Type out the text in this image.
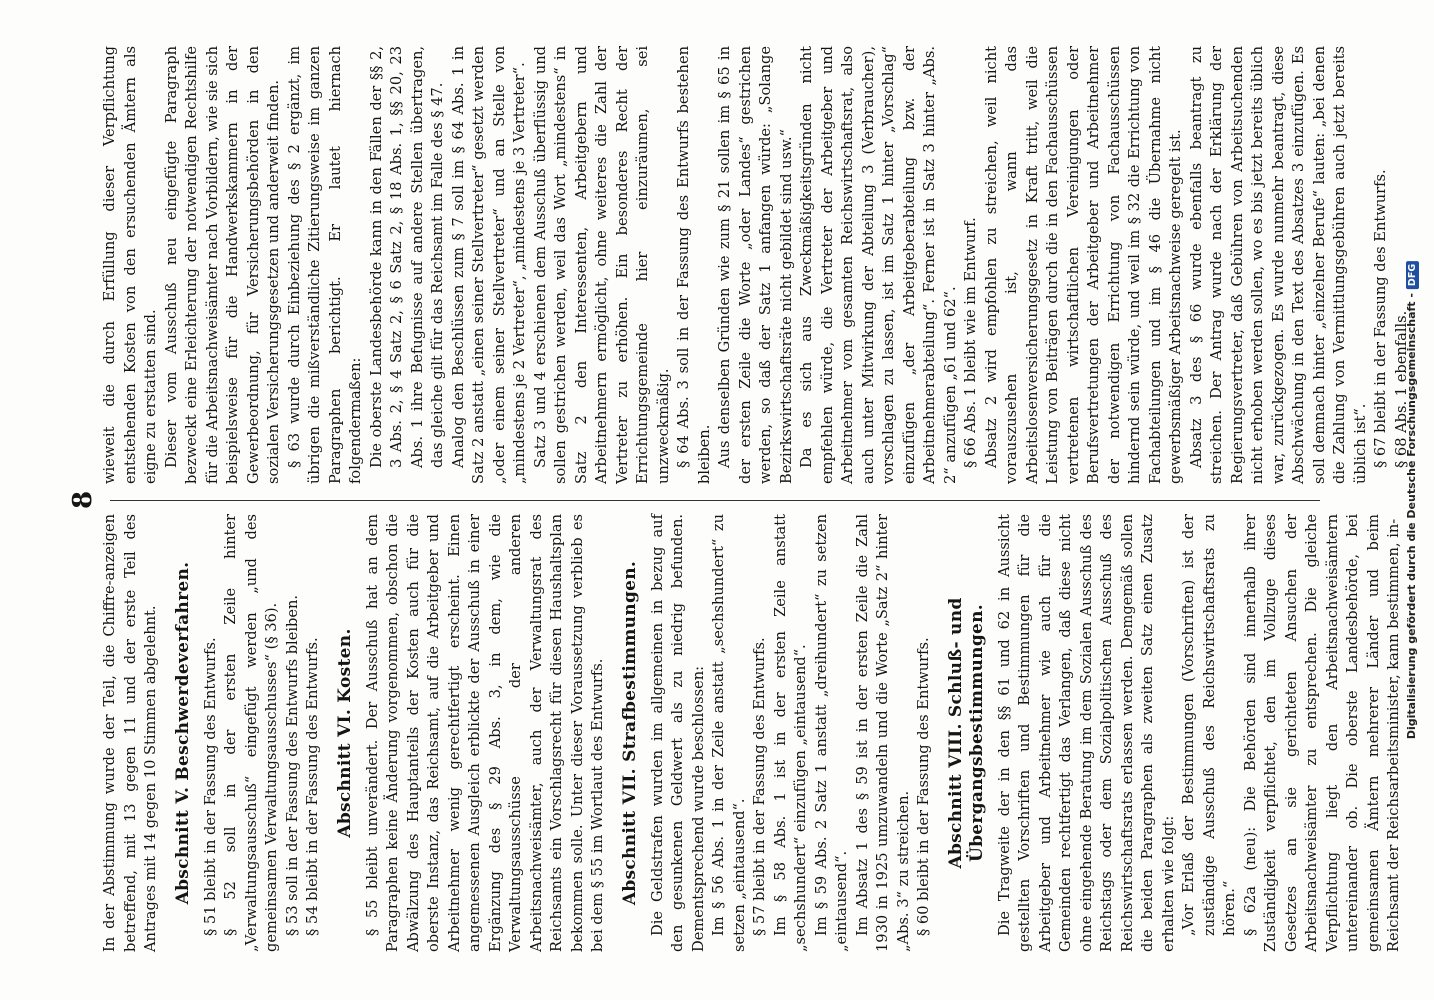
8

In der Abstimmung wurde der Teil, die Chiffre-anzeigen betreffend, mit 13 gegen 11 und der erste Teil des Antrages mit 14 gegen 10 Stimmen abgelehnt. Abschnitt V. Beschwerdeverfahren. § 51 bleibt in der Fassung des Entwurfs. § 52 soll in der ersten Zeile hinter „Verwaltungsausschuß“ eingefügt werden „und des gemeinsamen Verwaltungsausschusses“ (§ 36). § 53 soll in der Fassung des Entwurfs bleiben. § 54 bleibt in der Fassung des Entwurfs. Abschnitt VI. Kosten. § 55 bleibt unverändert. Der Ausschuß hat an dem Paragraphen keine Änderung vorgenommen, obschon die Abwälzung des Hauptanteils der Kosten auch für die oberste Instanz, das Reichsamt, auf die Arbeitgeber und Arbeitnehmer wenig gerechtfertigt erscheint. Einen angemessenen Ausgleich erblickte der Ausschuß in einer Ergänzung des § 29 Abs. 3, in dem, wie die Verwaltungsausschüsse der anderen Arbeitsnachweisämter, auch der Verwaltungsrat des Reichsamts ein Vorschlagsrecht für diesen Haushaltsplan bekommen solle. Unter dieser Voraussetzung verblieb es bei dem § 55 im Wortlaut des Entwurfs. Abschnitt VII. Strafbestimmungen. Die Geldstrafen wurden im allgemeinen in bezug auf den gesunkenen Geldwert als zu niedrig befunden. Dementsprechend wurde beschlossen: Im § 56 Abs. 1 in der Zeile anstatt „sechshundert“ zu setzen „eintausend“. § 57 bleibt in der Fassung des Entwurfs. Im § 58 Abs. 1 ist in der ersten Zeile anstatt „sechshundert“ einzufügen „eintausend“. Im § 59 Abs. 2 Satz 1 anstatt „dreihundert“ zu setzen „eintausend“. Im Absatz 1 des § 59 ist in der ersten Zeile die Zahl 1930 in 1925 umzuwandeln und die Worte „Satz 2“ hinter „Abs. 3“ zu streichen. § 60 bleibt in der Fassung des Entwurfs. Abschnitt VIII. Schluß- und Übergangsbestimmungen. Die Tragweite der in den §§ 61 und 62 in Aussicht gestellten Vorschriften und Bestimmungen für die Arbeitgeber und Arbeitnehmer wie auch für die Gemeinden rechtfertigt das Verlangen, daß diese nicht ohne eingehende Beratung im dem Sozialen Ausschuß des Reichstags oder dem Sozialpolitischen Ausschuß des Reichswirtschaftsrats erlassen werden. Demgemäß sollen die beiden Paragraphen als zweiten Satz einen Zusatz erhalten wie folgt: „Vor Erlaß der Bestimmungen (Vorschriften) ist der zuständige Ausschuß des Reichswirtschaftsrats zu hören.“ § 62a (neu): Die Behörden sind innerhalb ihrer Zuständigkeit verpflichtet, den im Vollzuge dieses Gesetzes an sie gerichteten Ansuchen der Arbeitsnachweisämter zu entsprechen. Die gleiche Verpflichtung liegt den Arbeitsnachweisämtern untereinander ob. Die oberste Landesbehörde, bei gemeinsamen Ämtern mehrerer Länder und beim Reichsamt der Reichsarbeitsminister, kann bestimmen, in-

wieweit die durch Erfüllung dieser Verpflichtung entstehenden Kosten von den ersuchenden Ämtern als eigne zu erstatten sind. Dieser vom Ausschuß neu eingefügte Paragraph bezweckt eine Erleichterung der notwendigen Rechtshilfe für die Arbeitsnachweisämter nach Vorbildern, wie sie sich beispielsweise für die Handwerkskammern in der Gewerbeordnung, für Versicherungsbehörden in den sozialen Versicherungsgesetzen und anderweit finden. § 63 wurde durch Einbeziehung des § 2 ergänzt, im übrigen die mißverständliche Zitierungsweise im ganzen Paragraphen berichtigt. Er lautet hiernach folgendermaßen: Die oberste Landesbehörde kann in den Fällen der §§ 2, 3 Abs. 2, § 4 Satz 2, § 6 Satz 2, § 18 Abs. 1, §§ 20, 23 Abs. 1 ihre Befugnisse auf andere Stellen übertragen, das gleiche gilt für das Reichsamt im Falle des § 47. Analog den Beschlüssen zum § 7 soll im § 64 Abs. 1 in Satz 2 anstatt „einen seiner Stellvertreter“ gesetzt werden „oder einem seiner Stellvertreter“ und an Stelle von „mindestens je 2 Vertreter“, „mindestens je 3 Vertreter“. Satz 3 und 4 erschienen dem Ausschuß überflüssig und sollen gestrichen werden, weil das Wort „mindestens“ in Satz 2 den Interessenten, Arbeitgebern und Arbeitnehmern ermöglicht, ohne weiteres die Zahl der Vertreter zu erhöhen. Ein besonderes Recht der Errichtungsgemeinde hier einzuräumen, sei unzweckmäßig. § 64 Abs. 3 soll in der Fassung des Entwurfs bestehen bleiben. Aus denselben Gründen wie zum § 21 sollen im § 65 in der ersten Zeile die Worte „oder Landes“ gestrichen werden, so daß der Satz 1 anfangen würde: „Solange Bezirkswirtschaftsräte nicht gebildet sind usw.“ Da es sich aus Zweckmäßigkeitsgründen nicht empfehlen würde, die Vertreter der Arbeitgeber und Arbeitnehmer vom gesamten Reichswirtschaftsrat, also auch unter Mitwirkung der Abteilung 3 (Verbraucher), vorschlagen zu lassen, ist im Satz 1 hinter „Vorschlag“ einzufügen „der Arbeitgeberabteilung bzw. der Arbeitnehmerabteilung“. Ferner ist in Satz 3 hinter „Abs. 2“ anzufügen „61 und 62“. § 66 Abs. 1 bleibt wie im Entwurf. Absatz 2 wird empfohlen zu streichen, weil nicht vorauszusehen ist, wann das Arbeitslosenversicherungsgesetz in Kraft tritt, weil die Leistung von Beiträgen durch die in den Fachausschüssen vertretenen wirtschaftlichen Vereinigungen oder Berufsvertretungen der Arbeitgeber und Arbeitnehmer der notwendigen Errichtung von Fachausschüssen hindernd sein würde, und weil im § 32 die Errichtung von Fachabteilungen und im § 46 die Übernahme nicht gewerbsmäßiger Arbeitsnachweise geregelt ist. Absatz 3 des § 66 wurde ebenfalls beantragt zu streichen. Der Antrag wurde nach der Erklärung der Regierungsvertreter, daß Gebühren von Arbeitsuchenden nicht erhoben werden sollen, wo es bis jetzt bereits üblich war, zurückgezogen. Es wurde nunmehr beantragt, diese Abschwächung in den Text des Absatzes 3 einzufügen. Es soll demnach hinter „einzelner Berufe“ lauten: „bei denen die Zahlung von Vermittlungsgebühren auch jetzt bereits üblich ist“. § 67 bleibt in der Fassung des Entwurfs. § 68 Abs. 1 ebenfalls.

Digitalisierung gefördert durch die Deutsche Forschungsgemeinschaft -DFG
